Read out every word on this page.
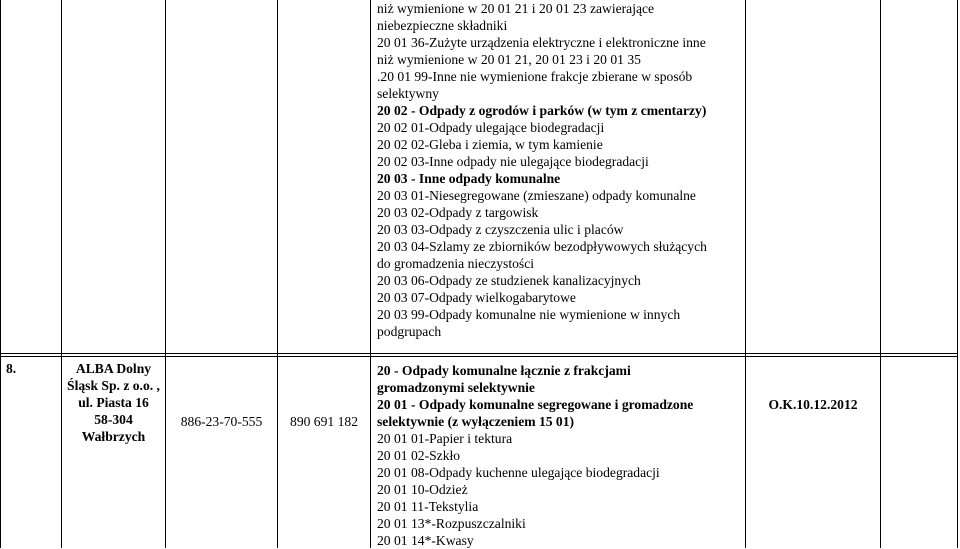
niż wymienione w 20 01 21 i 20 01 23 zawierające
niebezpieczne składniki
20 01 36-Zużyte urządzenia elektryczne i elektroniczne inne
niż wymienione w 20 01 21, 20 01 23 i 20 01 35
.20 01 99-Inne nie wymienione frakcje zbierane w sposób
selektywny
20 02 - Odpady z ogrodów i parków (w tym z cmentarzy)
20 02 01-Odpady ulegające biodegradacji
20 02 02-Gleba i ziemia, w tym kamienie
20 02 03-Inne odpady nie ulegające biodegradacji
20 03 - Inne odpady komunalne
20 03 01-Niesegregowane (zmieszane) odpady komunalne
20 03 02-Odpady z targowisk
20 03 03-Odpady z czyszczenia ulic i placów
20 03 04-Szlamy ze zbiorników bezodpływowych służących
do gromadzenia nieczystości
20 03 06-Odpady ze studzienek kanalizacyjnych
20 03 07-Odpady wielkogabarytowe
20 03 99-Odpady komunalne nie wymienione w innych
podgrupach
8.	ALBA Dolny
Śląsk Sp. z o.o. ,
ul. Piasta 16
58-304
Wałbrzych
886-23-70-555	890 691 182
20 - Odpady komunalne łącznie z frakcjami
gromadzonymi selektywnie
20 01 - Odpady komunalne segregowane i gromadzone
selektywnie (z wyłączeniem 15 01)
20 01 01-Papier i tektura
20 01 02-Szkło
20 01 08-Odpady kuchenne ulegające biodegradacji
20 01 10-Odzież
20 01 11-Tekstylia
20 01 13*-Rozpuszczalniki
20 01 14*-Kwasy
O.K.10.12.2012
